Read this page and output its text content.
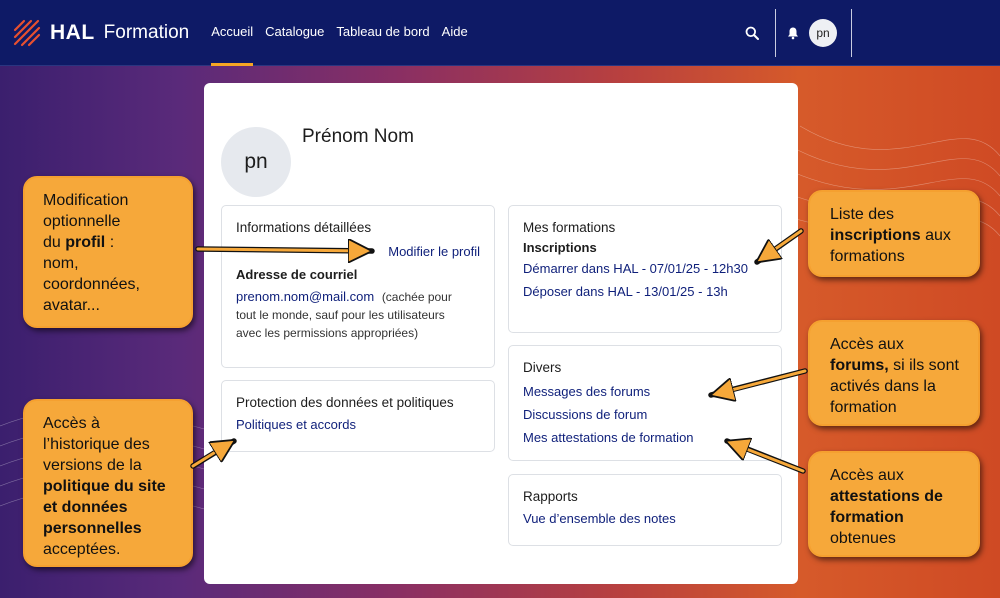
HAL Formation Accueil Catalogue Tableau de bord Aide	pn
pn
Prénom Nom
Informations détaillées
Modifier le profil
Adresse de courriel
prenom.nom@mail.com (cachée pour
tout le monde, sauf pour les utilisateurs
avec les permissions appropriées)
Protection des données et politiques
Politiques et accords
Mes formations
Inscriptions
Démarrer dans HAL - 07/01/25 - 12h30
Déposer dans HAL - 13/01/25 - 13h
Divers
Messages des forums
Discussions de forum
Mes attestations de formation
Rapports
Vue d’ensemble des notes
Modification
optionnelle
du profil :
nom,
coordonnées,
avatar...
Accès à
l’historique des
versions de la
politique du site
et données
personnelles
acceptées.
Liste des
inscriptions aux
formations
Accès aux
forums, si ils sont
activés dans la
formation
Accès aux
attestations de
formation
obtenues
